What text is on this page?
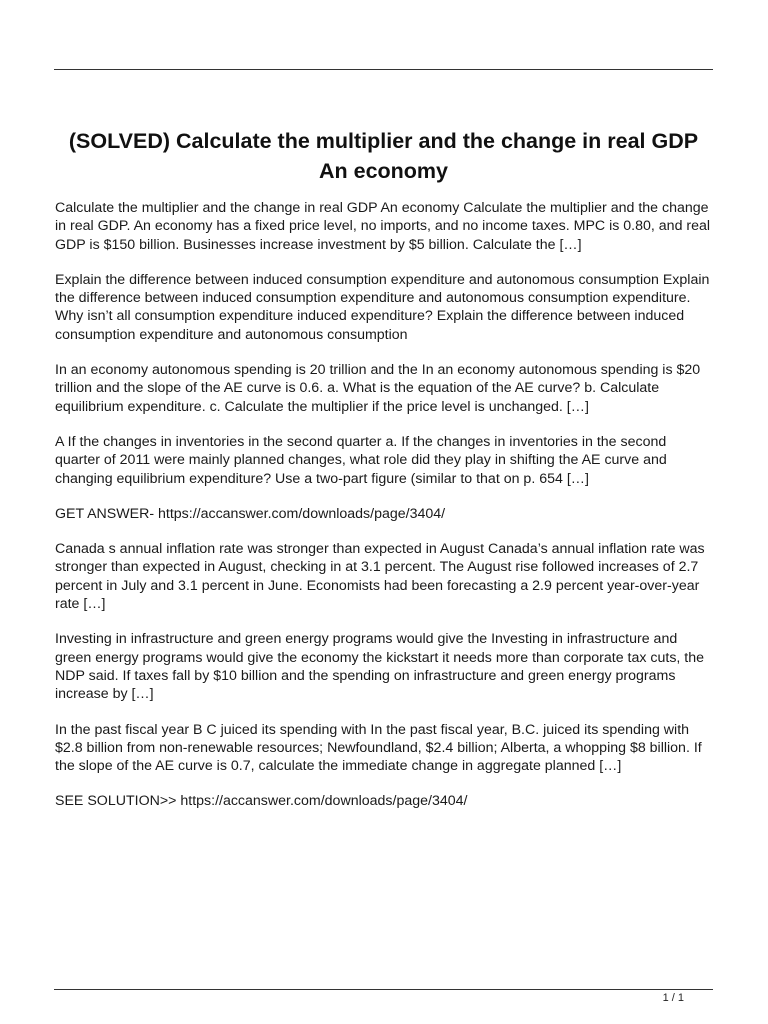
(SOLVED) Calculate the multiplier and the change in real GDP An economy

Calculate the multiplier and the change in real GDP An economy Calculate the multiplier and the change in real GDP. An economy has a fixed price level, no imports, and no income taxes. MPC is 0.80, and real GDP is $150 billion. Businesses increase investment by $5 billion. Calculate the […]

Explain the difference between induced consumption expenditure and autonomous consumption Explain the difference between induced consumption expenditure and autonomous consumption expenditure. Why isn’t all consumption expenditure induced expenditure? Explain the difference between induced consumption expenditure and autonomous consumption

In an economy autonomous spending is 20 trillion and the In an economy autonomous spending is $20 trillion and the slope of the AE curve is 0.6. a. What is the equation of the AE curve? b. Calculate equilibrium expenditure. c. Calculate the multiplier if the price level is unchanged. […]

A If the changes in inventories in the second quarter a. If the changes in inventories in the second quarter of 2011 were mainly planned changes, what role did they play in shifting the AE curve and changing equilibrium expenditure? Use a two-part figure (similar to that on p. 654 […]

GET ANSWER- https://accanswer.com/downloads/page/3404/

Canada s annual inflation rate was stronger than expected in August Canada’s annual inflation rate was stronger than expected in August, checking in at 3.1 percent. The August rise followed increases of 2.7 percent in July and 3.1 percent in June. Economists had been forecasting a 2.9 percent year-over-year rate […]

Investing in infrastructure and green energy programs would give the Investing in infrastructure and green energy programs would give the economy the kickstart it needs more than corporate tax cuts, the NDP said. If taxes fall by $10 billion and the spending on infrastructure and green energy programs increase by […]

In the past fiscal year B C juiced its spending with In the past fiscal year, B.C. juiced its spending with $2.8 billion from non-renewable resources; Newfoundland, $2.4 billion; Alberta, a whopping $8 billion. If the slope of the AE curve is 0.7, calculate the immediate change in aggregate planned […]

SEE SOLUTION>> https://accanswer.com/downloads/page/3404/

1 / 1
